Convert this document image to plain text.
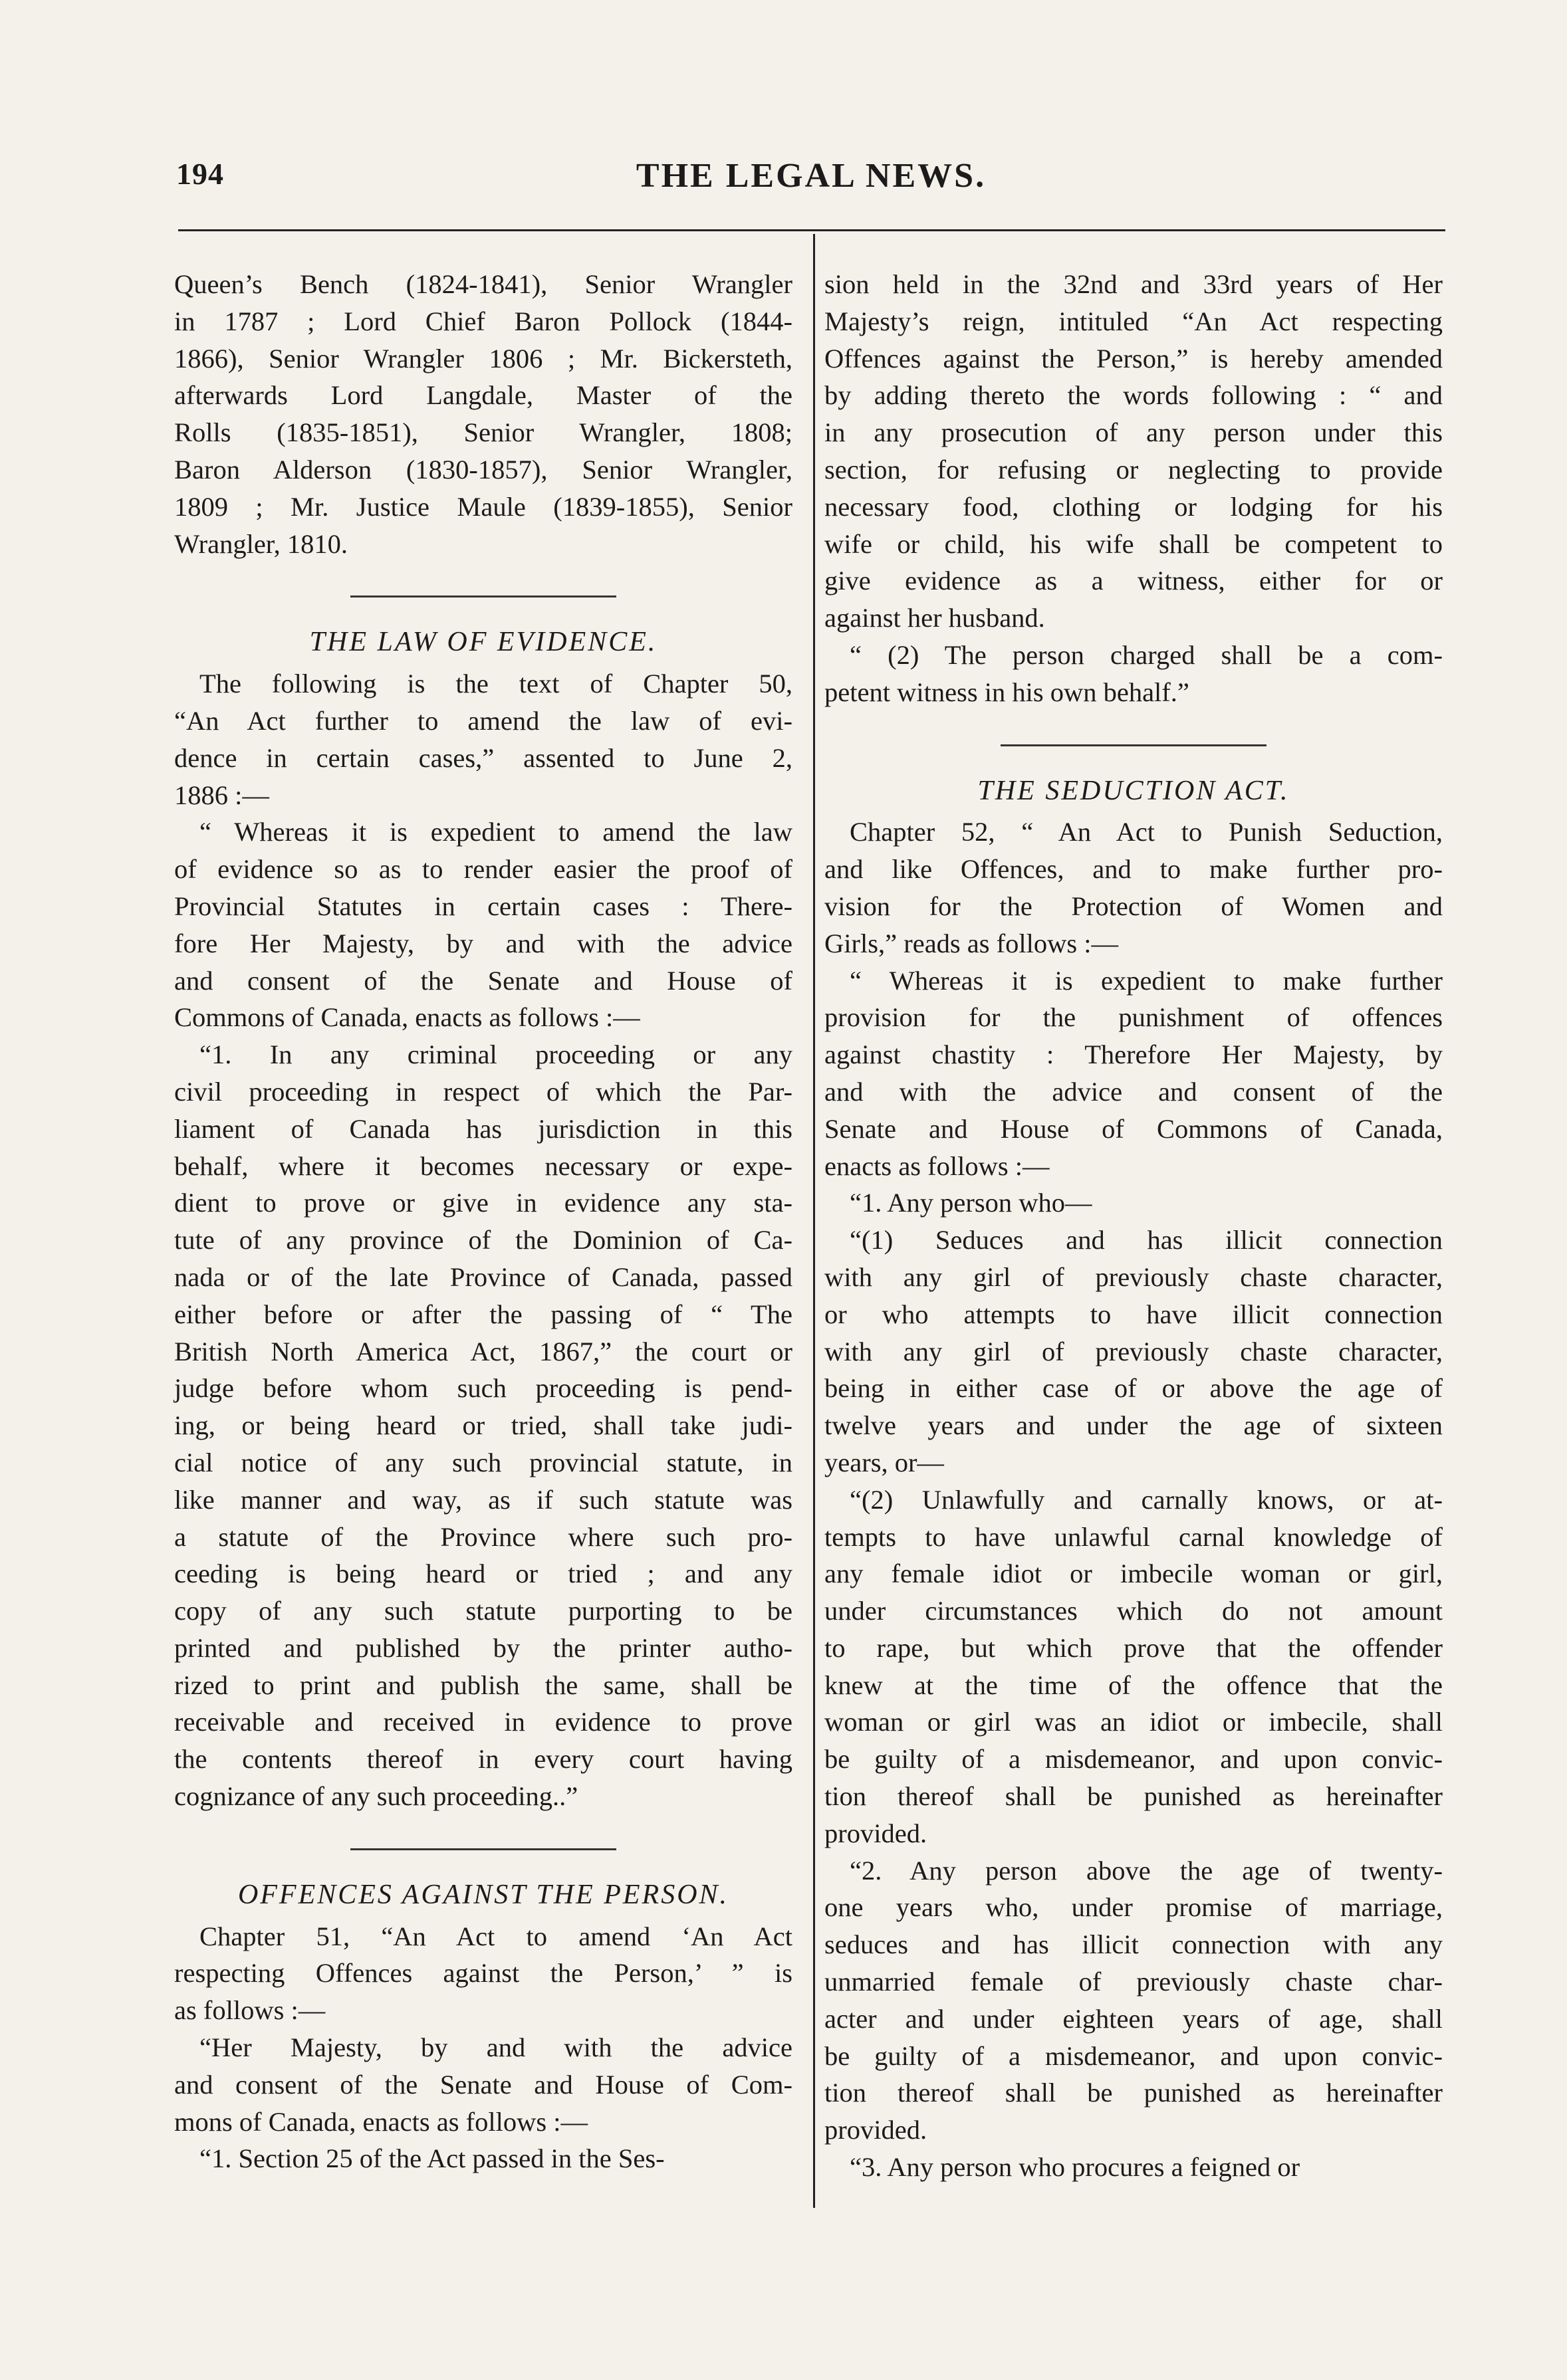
194	THE LEGAL NEWS.
Queen’s Bench (1824-1841), Senior Wrangler
in 1787 ; Lord Chief Baron Pollock (1844-
1866), Senior Wrangler 1806 ; Mr. Bickersteth,
afterwards Lord Langdale, Master of the
Rolls (1835-1851), Senior Wrangler, 1808;
Baron Alderson (1830-1857), Senior Wrangler,
1809 ; Mr. Justice Maule (1839-1855), Senior
Wrangler, 1810.
THE LAW OF EVIDENCE.
The following is the text of Chapter 50,
“An Act further to amend the law of evi-
dence in certain cases,” assented to June 2,
1886 :—
“ Whereas it is expedient to amend the law
of evidence so as to render easier the proof of
Provincial Statutes in certain cases : There-
fore Her Majesty, by and with the advice
and consent of the Senate and House of
Commons of Canada, enacts as follows :—
“1. In any criminal proceeding or any
civil proceeding in respect of which the Par-
liament of Canada has jurisdiction in this
behalf, where it becomes necessary or expe-
dient to prove or give in evidence any sta-
tute of any province of the Dominion of Ca-
nada or of the late Province of Canada, passed
either before or after the passing of “ The
British North America Act, 1867,” the court or
judge before whom such proceeding is pend-
ing, or being heard or tried, shall take judi-
cial notice of any such provincial statute, in
like manner and way, as if such statute was
a statute of the Province where such pro-
ceeding is being heard or tried ; and any
copy of any such statute purporting to be
printed and published by the printer autho-
rized to print and publish the same, shall be
receivable and received in evidence to prove
the contents thereof in every court having
cognizance of any such proceeding..”
OFFENCES AGAINST THE PERSON.
Chapter 51, “An Act to amend ‘An Act
respecting Offences against the Person,’ ” is
as follows :—
“Her Majesty, by and with the advice
and consent of the Senate and House of Com-
mons of Canada, enacts as follows :—
“1. Section 25 of the Act passed in the Ses-
sion held in the 32nd and 33rd years of Her
Majesty’s reign, intituled “An Act respecting
Offences against the Person,” is hereby amended
by adding thereto the words following : “ and
in any prosecution of any person under this
section, for refusing or neglecting to provide
necessary food, clothing or lodging for his
wife or child, his wife shall be competent to
give evidence as a witness, either for or
against her husband.
“ (2) The person charged shall be a com-
petent witness in his own behalf.”
THE SEDUCTION ACT.
Chapter 52, “ An Act to Punish Seduction,
and like Offences, and to make further pro-
vision for the Protection of Women and
Girls,” reads as follows :—
“ Whereas it is expedient to make further
provision for the punishment of offences
against chastity : Therefore Her Majesty, by
and with the advice and consent of the
Senate and House of Commons of Canada,
enacts as follows :—
“1. Any person who—
“(1) Seduces and has illicit connection
with any girl of previously chaste character,
or who attempts to have illicit connection
with any girl of previously chaste character,
being in either case of or above the age of
twelve years and under the age of sixteen
years, or—
“(2) Unlawfully and carnally knows, or at-
tempts to have unlawful carnal knowledge of
any female idiot or imbecile woman or girl,
under circumstances which do not amount
to rape, but which prove that the offender
knew at the time of the offence that the
woman or girl was an idiot or imbecile, shall
be guilty of a misdemeanor, and upon convic-
tion thereof shall be punished as hereinafter
provided.
“2. Any person above the age of twenty-
one years who, under promise of marriage,
seduces and has illicit connection with any
unmarried female of previously chaste char-
acter and under eighteen years of age, shall
be guilty of a misdemeanor, and upon convic-
tion thereof shall be punished as hereinafter
provided.
“3. Any person who procures a feigned or
